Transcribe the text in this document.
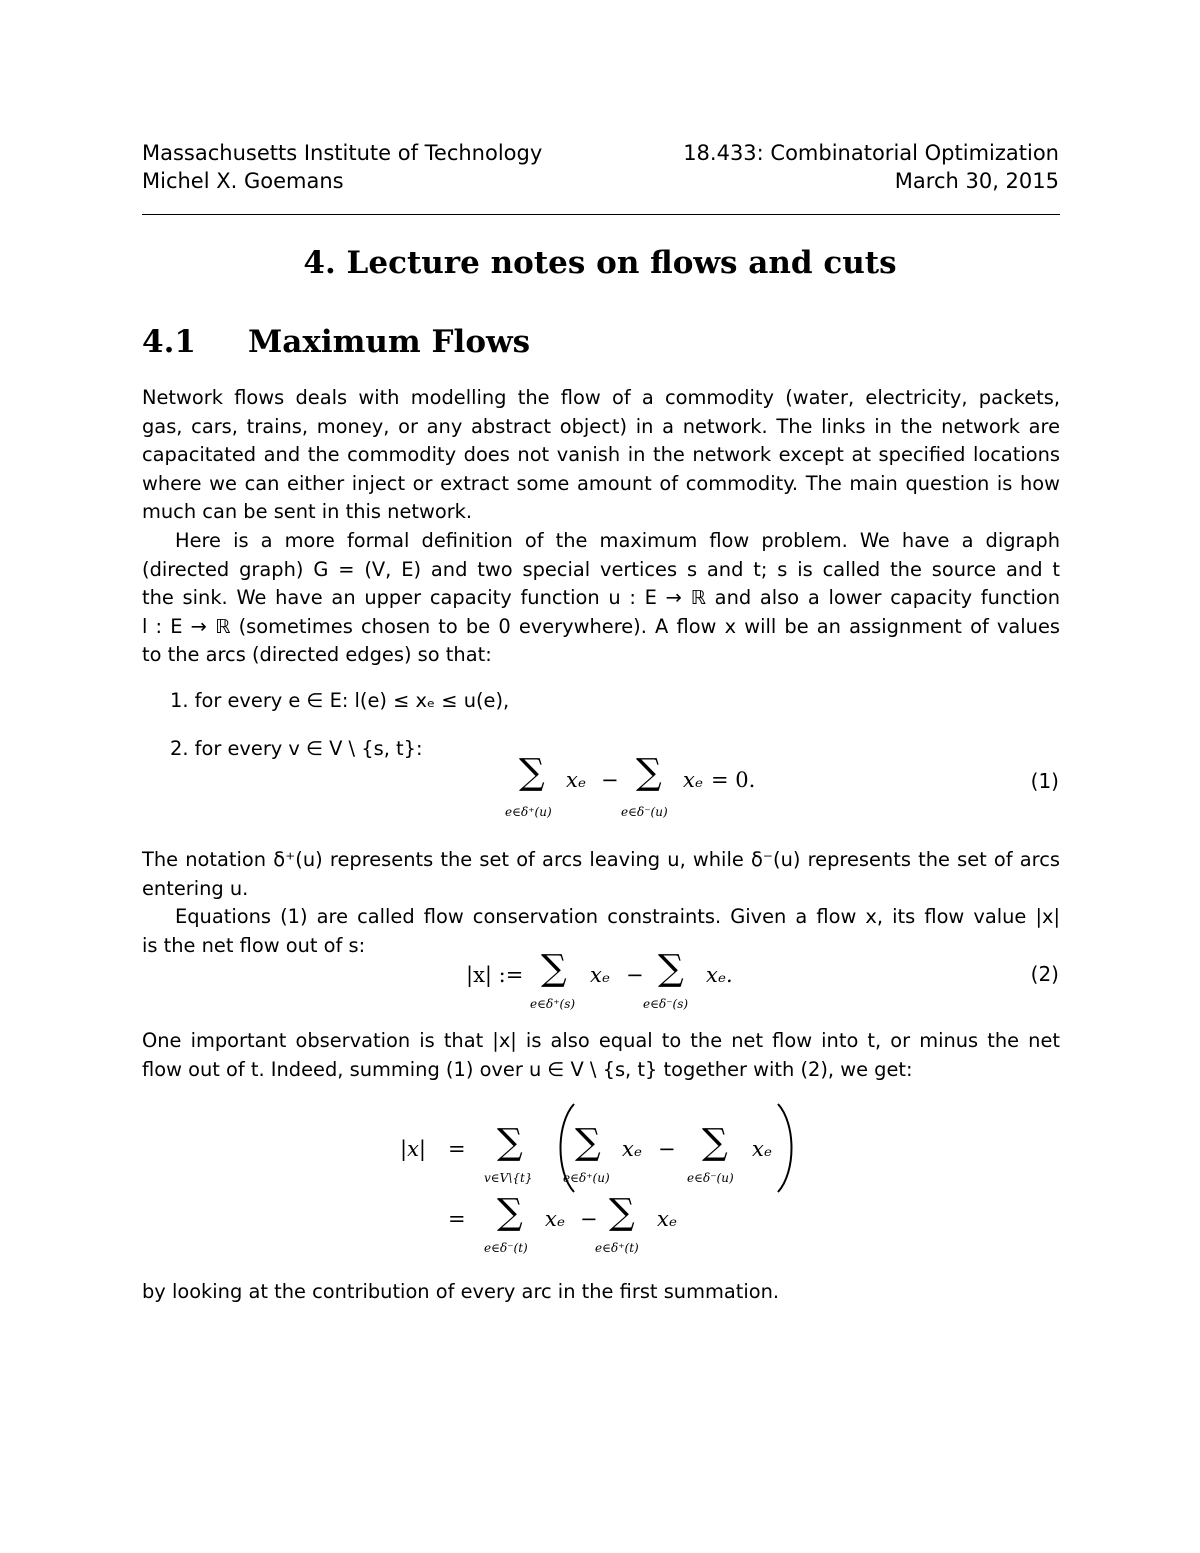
Massachusetts Institute of Technology
Michel X. Goemans
18.433: Combinatorial Optimization
March 30, 2015
4. Lecture notes on flows and cuts
4.1 Maximum Flows
Network flows deals with modelling the flow of a commodity (water, electricity, packets,
gas, cars, trains, money, or any abstract object) in a network. The links in the network are
capacitated and the commodity does not vanish in the network except at specified locations
where we can either inject or extract some amount of commodity. The main question is how
much can be sent in this network.
Here is a more formal definition of the maximum flow problem. We have a digraph
(directed graph) G = (V, E) and two special vertices s and t; s is called the source and t
the sink. We have an upper capacity function u : E → ℝ and also a lower capacity function
l : E → ℝ (sometimes chosen to be 0 everywhere). A flow x will be an assignment of values
to the arcs (directed edges) so that:
1. for every e ∈ E: l(e) ≤ xₑ ≤ u(e),
2. for every v ∈ V \ {s, t}:
∑
e∈δ⁺(u)
xₑ − ∑
e∈δ⁻(u)
xₑ = 0.	(1)
The notation δ⁺(u) represents the set of arcs leaving u, while δ⁻(u) represents the set of arcs
entering u.
Equations (1) are called flow conservation constraints. Given a flow x, its flow value |x|
is the net flow out of s:
|x| := ∑
e∈δ⁺(s)
xₑ − ∑
e∈δ⁻(s)
xₑ.	(2)
One important observation is that |x| is also equal to the net flow into t, or minus the net
flow out of t. Indeed, summing (1) over u ∈ V \ {s, t} together with (2), we get:
|x| = ∑
v∈V\{t}
∑
e∈δ⁺(u)
xₑ − ∑
e∈δ⁻(u)
xₑ
= ∑
e∈δ⁻(t)
xₑ − ∑
e∈δ⁺(t)
xₑ
by looking at the contribution of every arc in the first summation.
